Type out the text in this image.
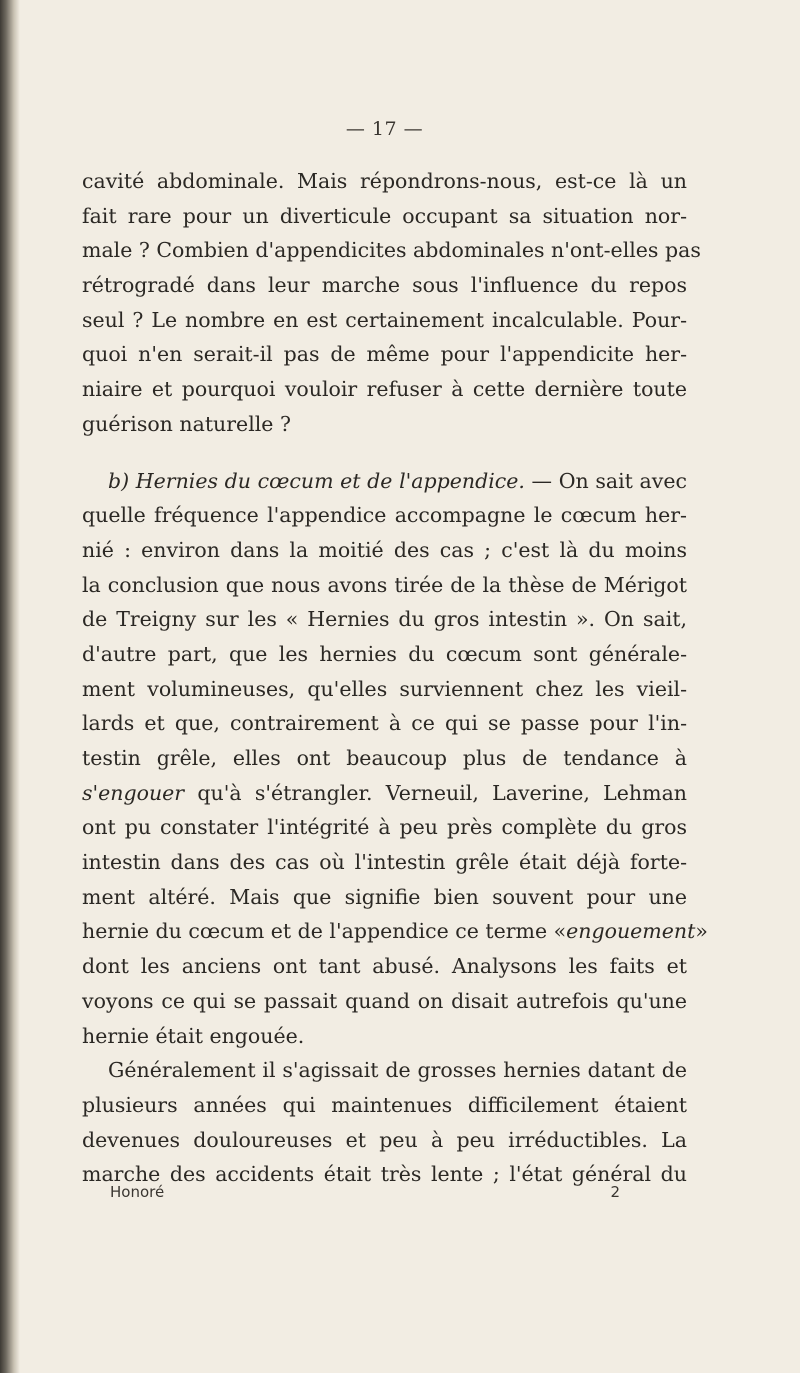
— 17 —
cavité abdominale. Mais répondrons-nous, est-ce là un
fait rare pour un diverticule occupant sa situation nor-
male ? Combien d'appendicites abdominales n'ont-elles pas
rétrogradé dans leur marche sous l'influence du repos
seul ? Le nombre en est certainement incalculable. Pour-
quoi n'en serait-il pas de même pour l'appendicite her-
niaire et pourquoi vouloir refuser à cette dernière toute
guérison naturelle ?
b) Hernies du cœcum et de l'appendice. — On sait avec
quelle fréquence l'appendice accompagne le cœcum her-
nié : environ dans la moitié des cas ; c'est là du moins
la conclusion que nous avons tirée de la thèse de Mérigot
de Treigny sur les « Hernies du gros intestin ». On sait,
d'autre part, que les hernies du cœcum sont générale-
ment volumineuses, qu'elles surviennent chez les vieil-
lards et que, contrairement à ce qui se passe pour l'in-
testin grêle, elles ont beaucoup plus de tendance à
s'engouer qu'à s'étrangler. Verneuil, Laverine, Lehman
ont pu constater l'intégrité à peu près complète du gros
intestin dans des cas où l'intestin grêle était déjà forte-
ment altéré. Mais que signifie bien souvent pour une
hernie du cœcum et de l'appendice ce terme «engouement»
dont les anciens ont tant abusé. Analysons les faits et
voyons ce qui se passait quand on disait autrefois qu'une
hernie était engouée.
Généralement il s'agissait de grosses hernies datant de
plusieurs années qui maintenues difficilement étaient
devenues douloureuses et peu à peu irréductibles. La
marche des accidents était très lente ; l'état général du
Honoré	2
